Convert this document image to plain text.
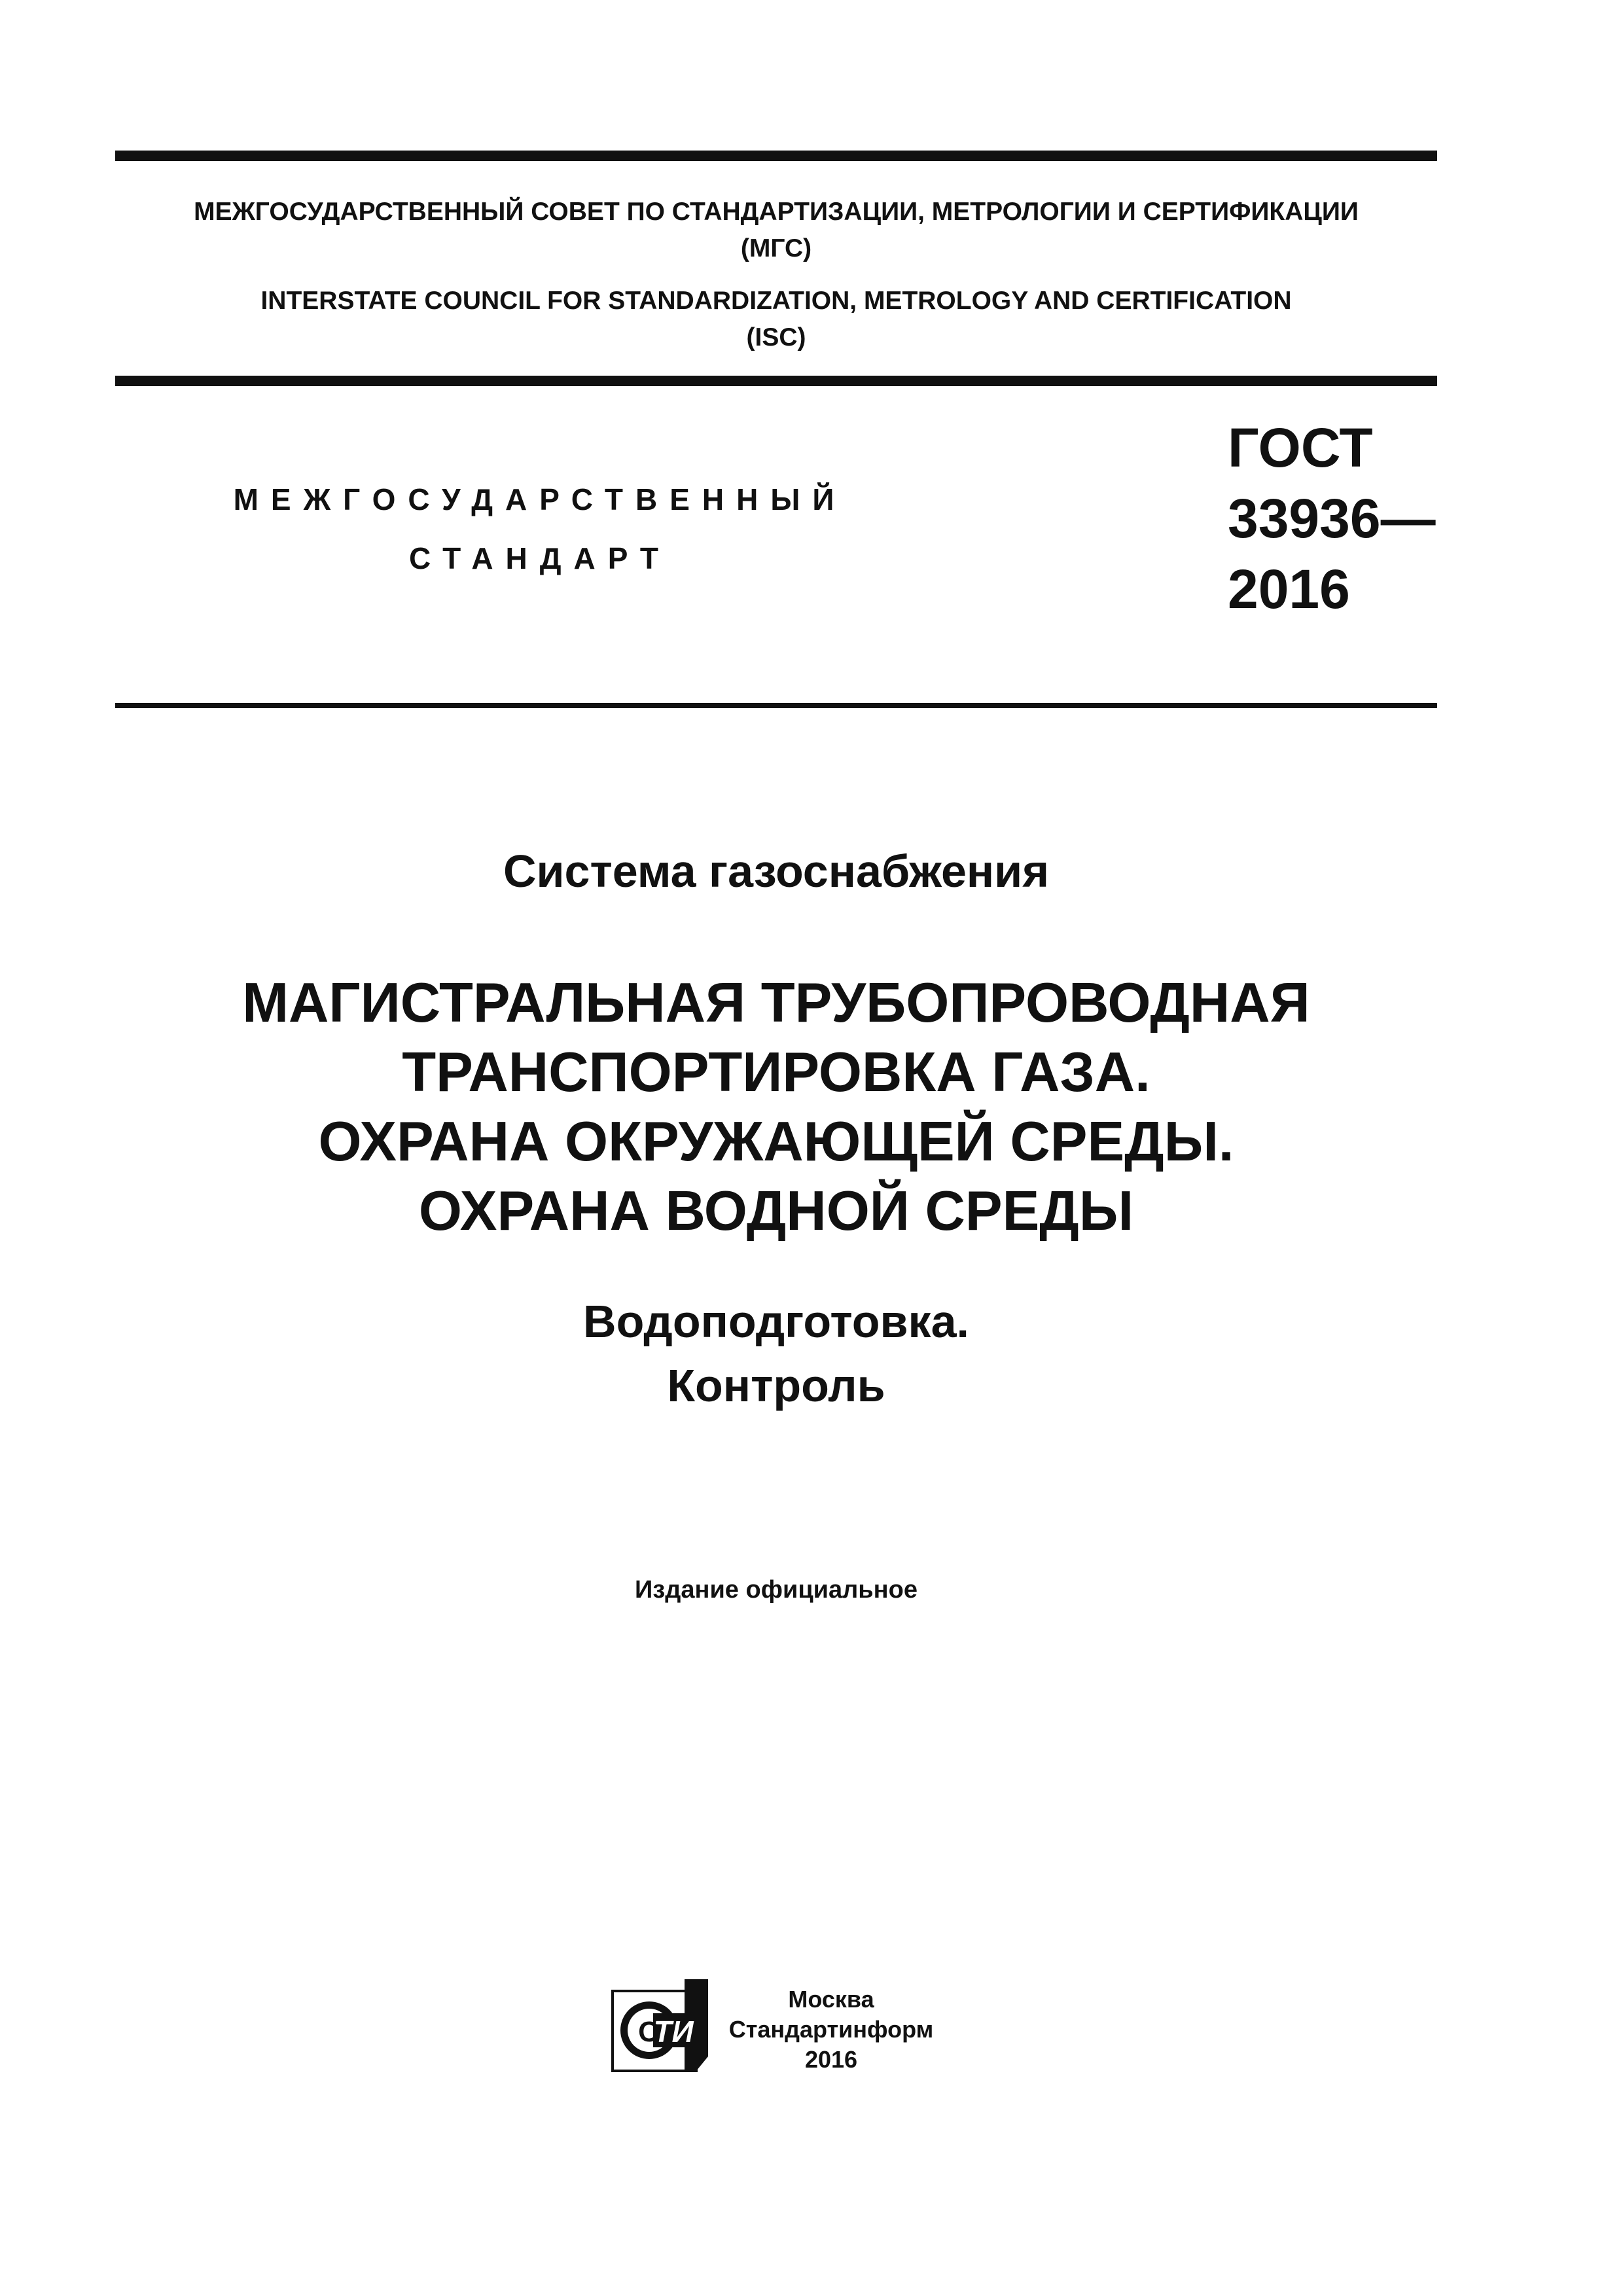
МЕЖГОСУДАРСТВЕННЫЙ СОВЕТ ПО СТАНДАРТИЗАЦИИ, МЕТРОЛОГИИ И СЕРТИФИКАЦИИ
(МГС)
INTERSTATE COUNCIL FOR STANDARDIZATION, METROLOGY AND CERTIFICATION
(ISC)
МЕЖГОСУДАРСТВЕННЫЙ
СТАНДАРТ
ГОСТ
33936—
2016
Система газоснабжения
МАГИСТРАЛЬНАЯ ТРУБОПРОВОДНАЯ
ТРАНСПОРТИРОВКА ГАЗА.
ОХРАНА ОКРУЖАЮЩЕЙ СРЕДЫ.
ОХРАНА ВОДНОЙ СРЕДЫ
Водоподготовка.
Контроль
Издание официальное
ТИ
С
Москва
Стандартинформ
2016
